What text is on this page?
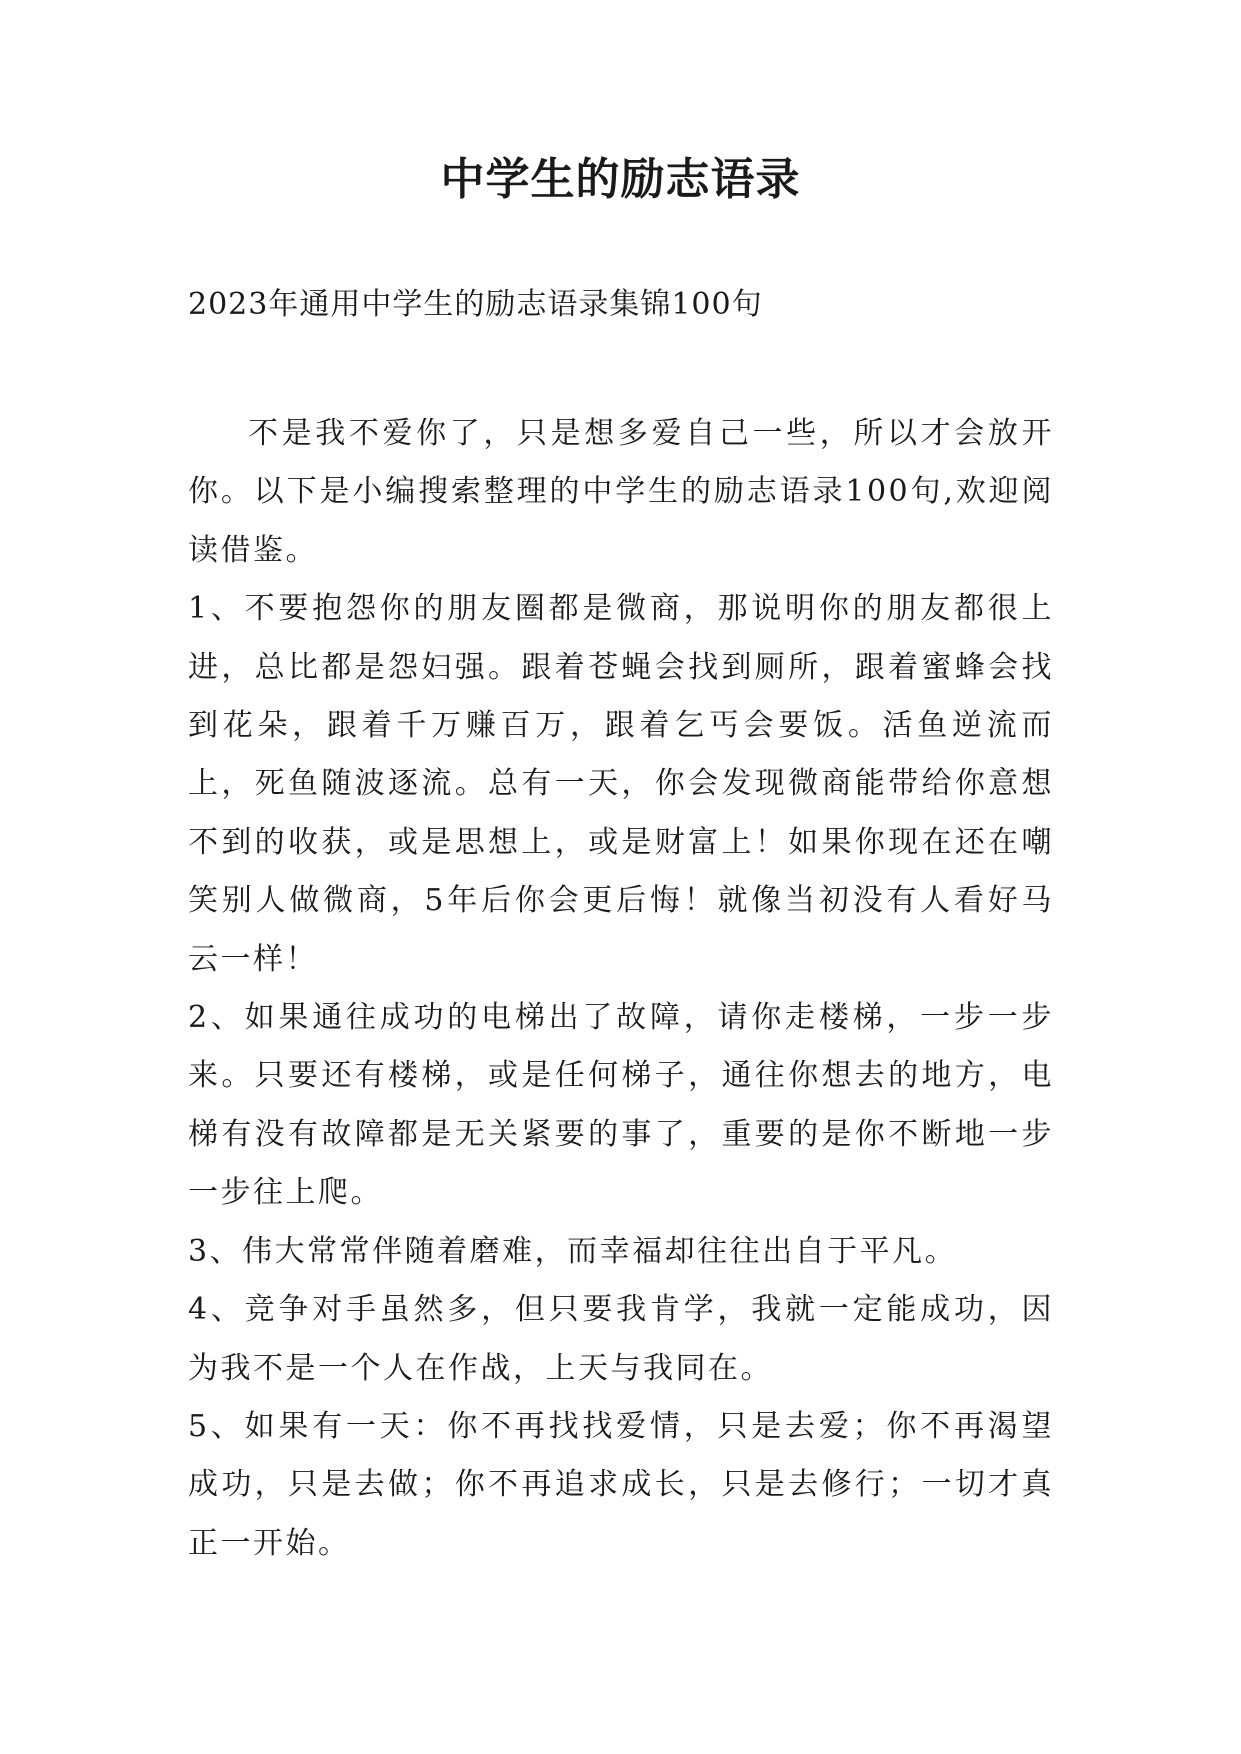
中学生的励志语录
2023年通用中学生的励志语录集锦100句

不是我不爱你了，只是想多爱自己一些，所以才会放开你。以下是小编搜索整理的中学生的励志语录100句,欢迎阅读借鉴。

1、不要抱怨你的朋友圈都是微商，那说明你的朋友都很上进，总比都是怨妇强。跟着苍蝇会找到厕所，跟着蜜蜂会找到花朵，跟着千万赚百万，跟着乞丐会要饭。活鱼逆流而上，死鱼随波逐流。总有一天，你会发现微商能带给你意想不到的收获，或是思想上，或是财富上！如果你现在还在嘲笑别人做微商，5年后你会更后悔！就像当初没有人看好马云一样！

2、如果通往成功的电梯出了故障，请你走楼梯，一步一步来。只要还有楼梯，或是任何梯子，通往你想去的地方，电梯有没有故障都是无关紧要的事了，重要的是你不断地一步一步往上爬。

3、伟大常常伴随着磨难，而幸福却往往出自于平凡。

4、竞争对手虽然多，但只要我肯学，我就一定能成功，因为我不是一个人在作战，上天与我同在。

5、如果有一天：你不再找找爱情，只是去爱；你不再渴望成功，只是去做；你不再追求成长，只是去修行；一切才真正一开始。
